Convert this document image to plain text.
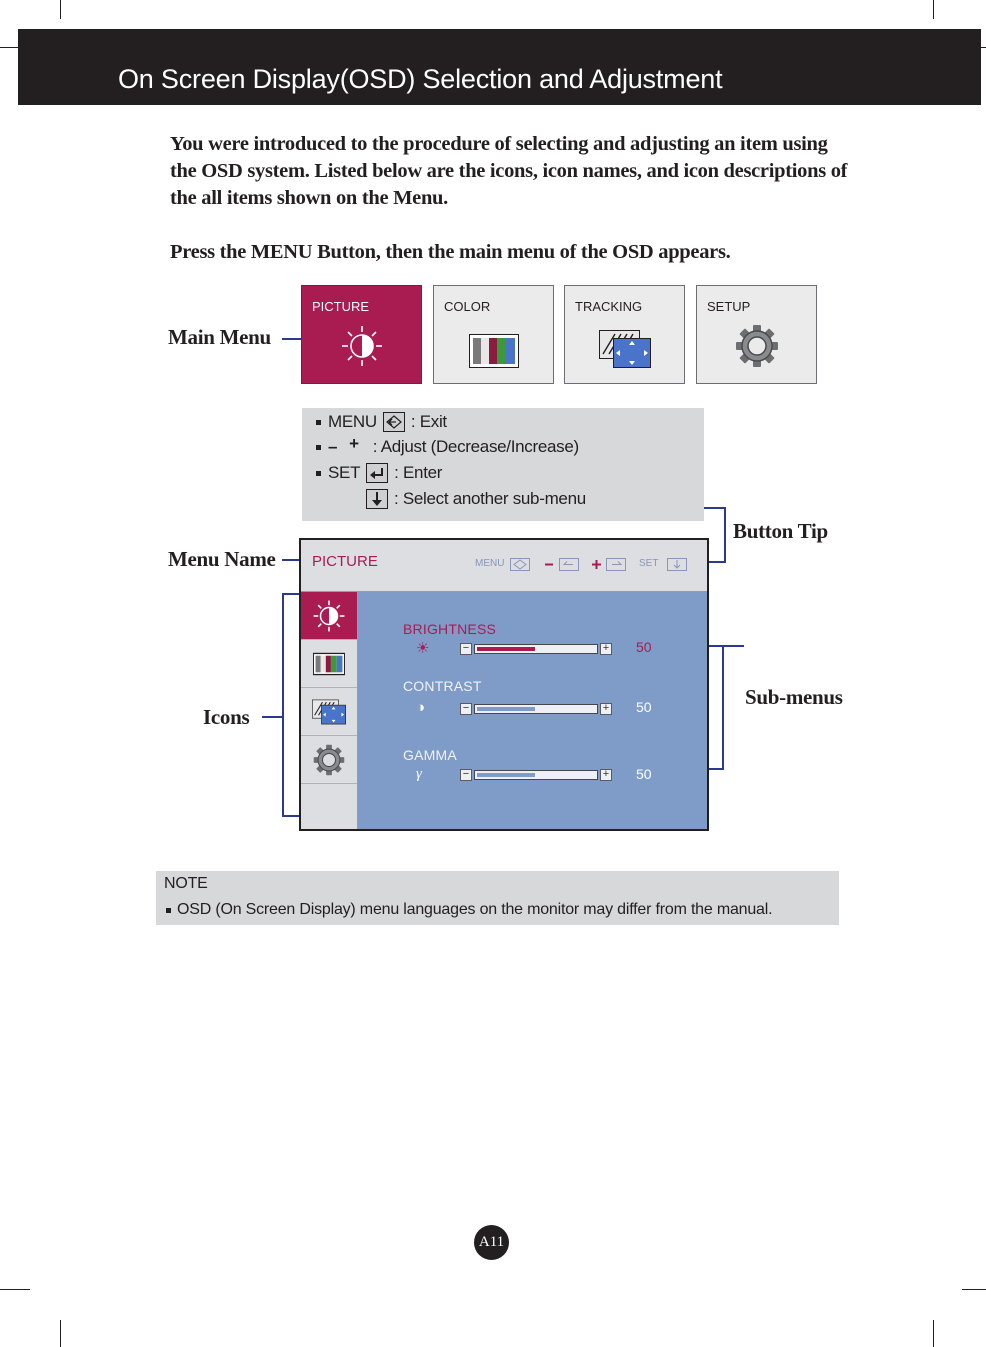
On Screen Display(OSD) Selection and Adjustment

You were introduced to the procedure of selecting and adjusting an item using the OSD system. Listed below are the icons, icon names, and icon descriptions of the all items shown on the Menu.

Press the MENU Button, then the main menu of the OSD appears.

Main Menu
PICTURE	COLOR	TRACKING	SETUP
MENU : Exit
– + : Adjust (Decrease/Increase)
SET : Enter
: Select another sub-menu
Button Tip
Menu Name
Icons
Sub-menus
PICTURE	MENU	SET
BRIGHTNESS
☀	−	+ 50
CONTRAST
◑	−	+ 50
GAMMA
γ	−	+ 50
NOTE
OSD (On Screen Display) menu languages on the monitor may differ from the manual.
A11
